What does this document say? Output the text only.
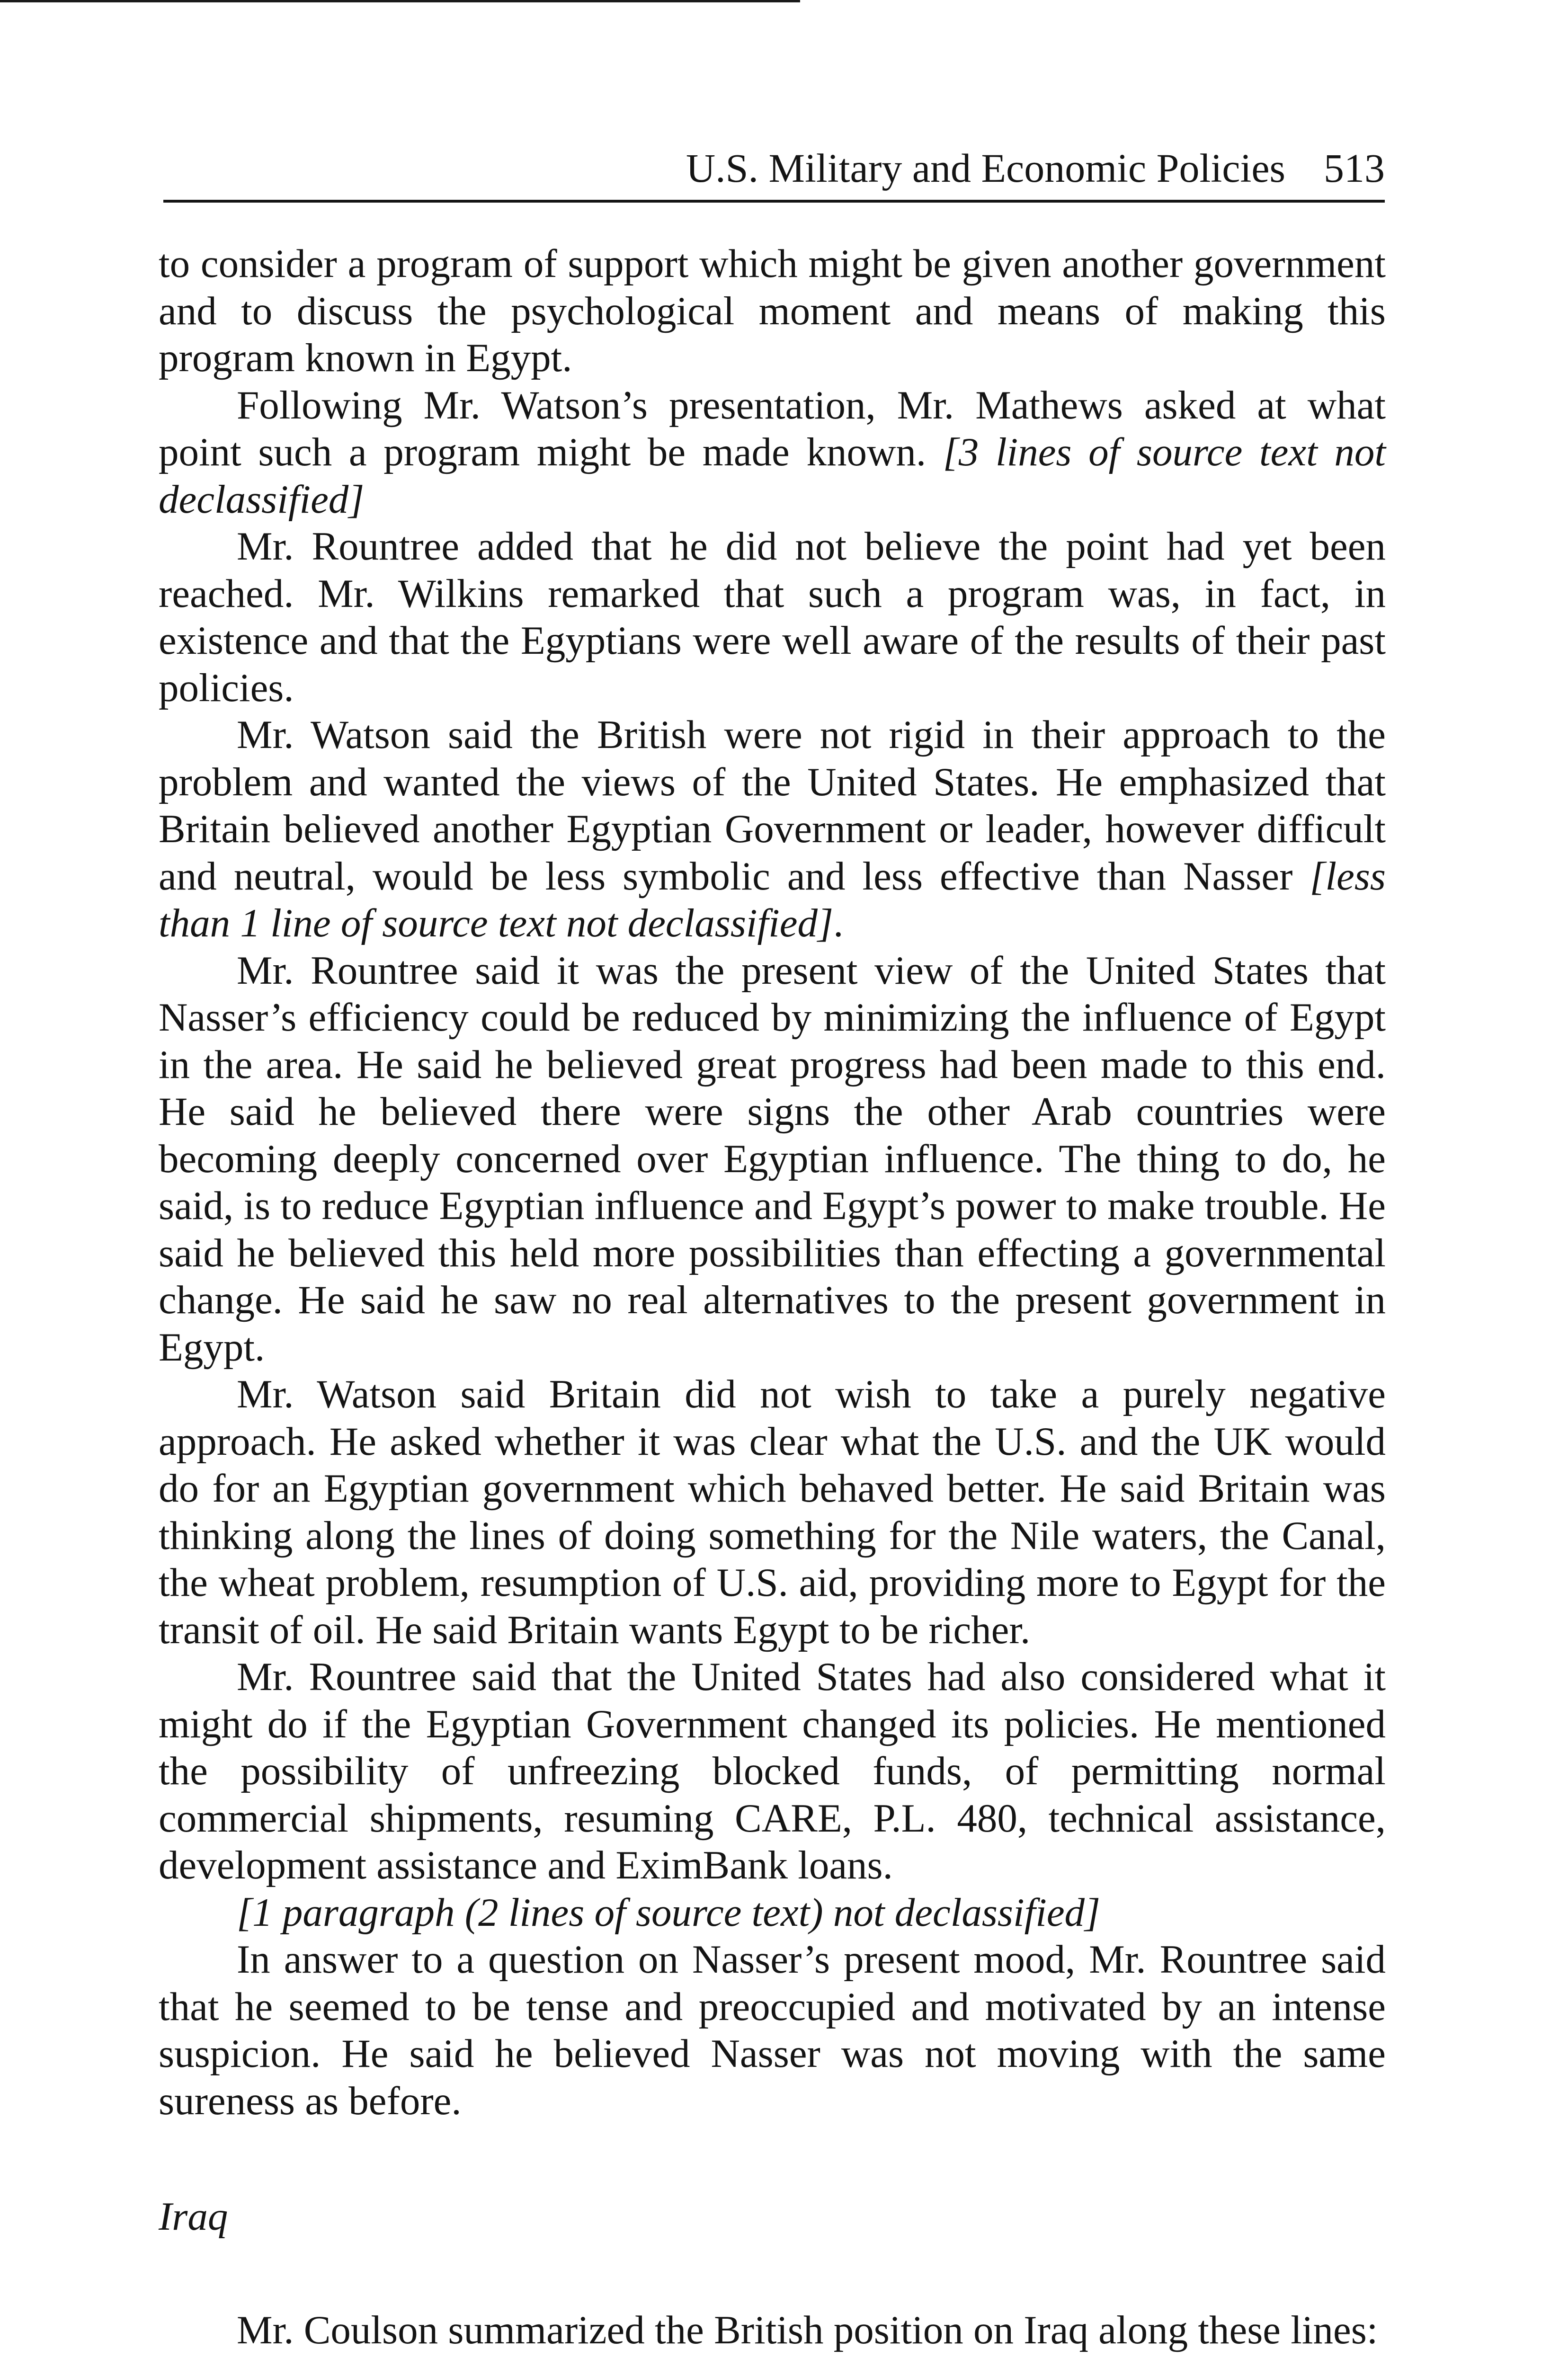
U.S. Military and Economic Policies 513

to consider a program of support which might be given another government and to discuss the psychological moment and means of making this program known in Egypt.

Following Mr. Watson’s presentation, Mr. Mathews asked at what point such a program might be made known. [3 lines of source text not declassified]

Mr. Rountree added that he did not believe the point had yet been reached. Mr. Wilkins remarked that such a program was, in fact, in existence and that the Egyptians were well aware of the results of their past policies.

Mr. Watson said the British were not rigid in their approach to the problem and wanted the views of the United States. He emphasized that Britain believed another Egyptian Government or leader, however difficult and neutral, would be less symbolic and less effective than Nasser [less than 1 line of source text not declassified].

Mr. Rountree said it was the present view of the United States that Nasser’s efficiency could be reduced by minimizing the influence of Egypt in the area. He said he believed great progress had been made to this end. He said he believed there were signs the other Arab countries were becoming deeply concerned over Egyptian influence. The thing to do, he said, is to reduce Egyptian influence and Egypt’s power to make trouble. He said he believed this held more possibilities than effecting a governmental change. He said he saw no real alternatives to the present government in Egypt.

Mr. Watson said Britain did not wish to take a purely negative approach. He asked whether it was clear what the U.S. and the UK would do for an Egyptian government which behaved better. He said Britain was thinking along the lines of doing something for the Nile waters, the Canal, the wheat problem, resumption of U.S. aid, providing more to Egypt for the transit of oil. He said Britain wants Egypt to be richer.

Mr. Rountree said that the United States had also considered what it might do if the Egyptian Government changed its policies. He mentioned the possibility of unfreezing blocked funds, of permitting normal commercial shipments, resuming CARE, P.L. 480, technical assistance, development assistance and EximBank loans.

[1 paragraph (2 lines of source text) not declassified]

In answer to a question on Nasser’s present mood, Mr. Rountree said that he seemed to be tense and preoccupied and motivated by an intense suspicion. He said he believed Nasser was not moving with the same sureness as before.

Iraq

Mr. Coulson summarized the British position on Iraq along these lines:
